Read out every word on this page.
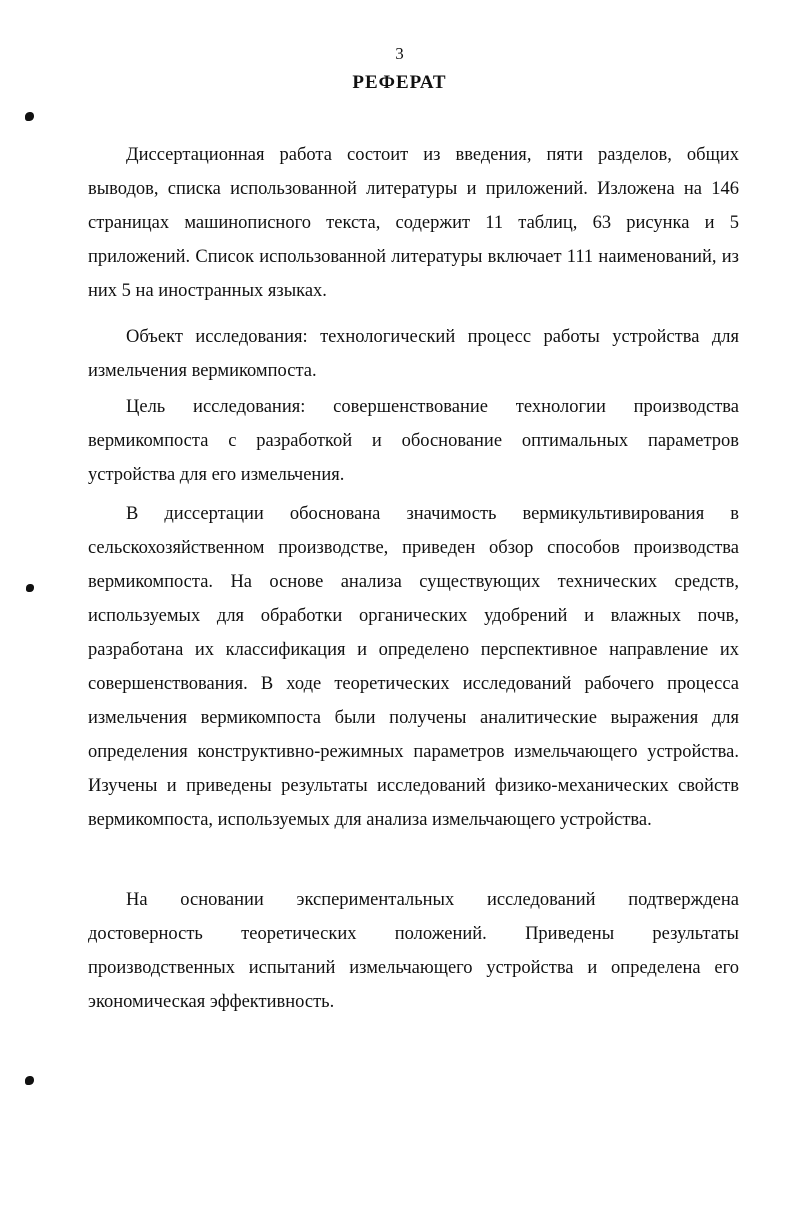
3
РЕФЕРАТ

Диссертационная работа состоит из введения, пяти разделов, общих выводов, списка использованной литературы и приложений. Изложена на 146 страницах машинописного текста, содержит 11 таблиц, 63 рисунка и 5 приложений. Список использованной литературы включает 111 наименований, из них 5 на иностранных языках.

Объект исследования: технологический процесс работы устройства для измельчения вермикомпоста.

Цель исследования: совершенствование технологии производства вермикомпоста с разработкой и обоснование оптимальных параметров устройства для его измельчения.

В диссертации обоснована значимость вермикультивирования в сельскохозяйственном производстве, приведен обзор способов производства вермикомпоста. На основе анализа существующих технических средств, используемых для обработки органических удобрений и влажных почв, разработана их классификация и определено перспективное направление их совершенствования. В ходе теоретических исследований рабочего процесса измельчения вермикомпоста были получены аналитические выражения для определения конструктивно-режимных параметров измельчающего устройства. Изучены и приведены результаты исследований физико-механических свойств вермикомпоста, используемых для анализа измельчающего устройства.

На основании экспериментальных исследований подтверждена достоверность теоретических положений. Приведены результаты производственных испытаний измельчающего устройства и определена его экономическая эффективность.
